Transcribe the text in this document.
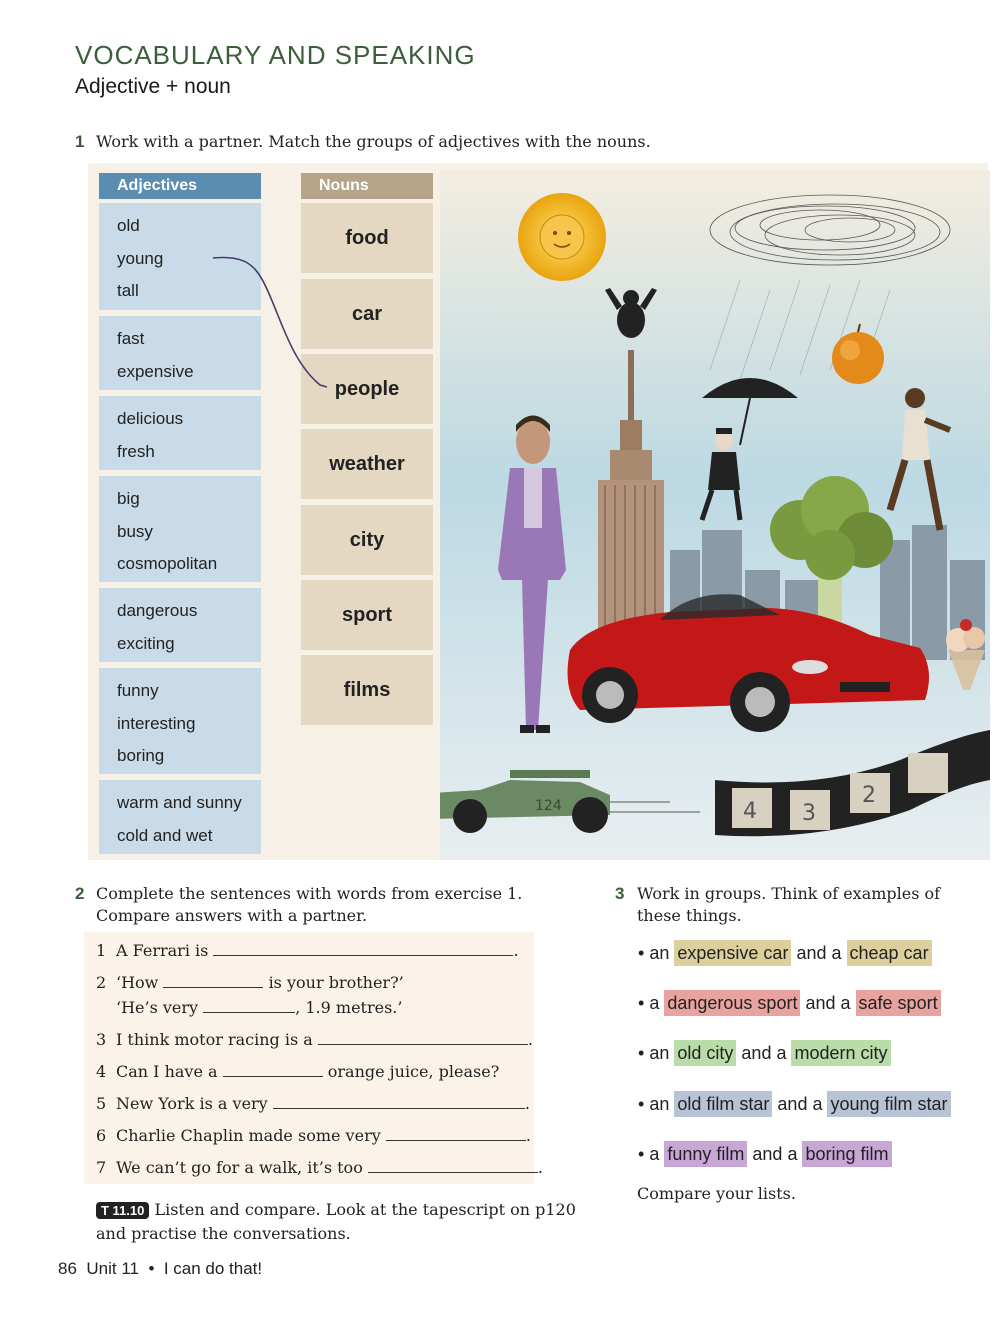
VOCABULARY AND SPEAKING
Adjective + noun
1 Work with a partner. Match the groups of adjectives with the nouns.
Adjectives	Nouns
old
young
tall
fast
expensive
delicious
fresh
big
busy
cosmopolitan
dangerous
exciting
funny
interesting
boring
warm and sunny
cold and wet
food
car
people
weather
city
sport
films
124	4 3
2
2 Complete the sentences with words from exercise 1.
Compare answers with a partner.
1 A Ferrari is	.
2 ‘How	is your brother?’
‘He’s very	, 1.9 metres.’
3 I think motor racing is a	.
4 Can I have a	orange juice, please?
5 New York is a very	.
6 Charlie Chaplin made some very	.
7 We can’t go for a walk, it’s too	.
T 11.10 Listen and compare. Look at the tapescript on p120
and practise the conversations.
3 Work in groups. Think of examples of
these things.
• an expensive car and a cheap car
• a dangerous sport and a safe sport
• an old city and a modern city
• an old film star and a young film star
• a funny film and a boring film
Compare your lists.
86 Unit 11 • I can do that!
